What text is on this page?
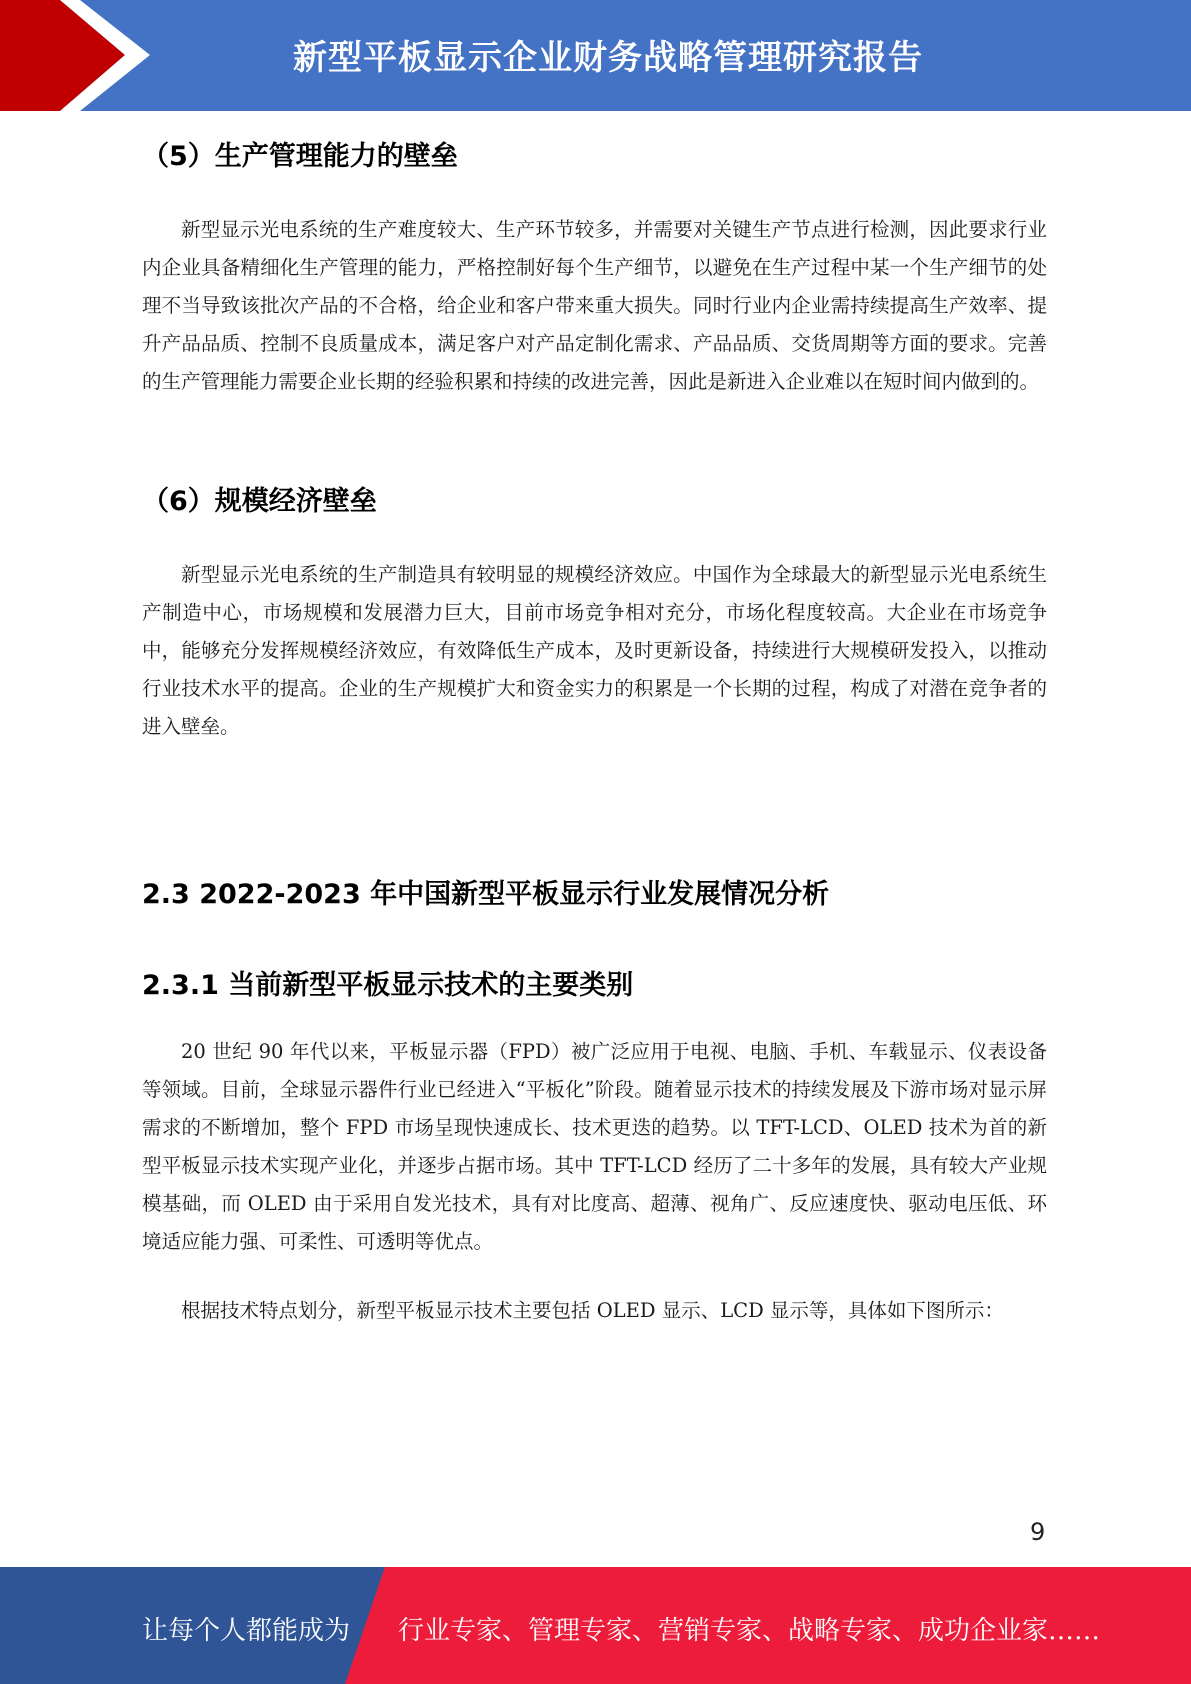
新型平板显示企业财务战略管理研究报告
（5）生产管理能力的壁垒

新型显示光电系统的生产难度较大、生产环节较多，并需要对关键生产节点进行检测，因此要求行业内企业具备精细化生产管理的能力，严格控制好每个生产细节，以避免在生产过程中某一个生产细节的处理不当导致该批次产品的不合格，给企业和客户带来重大损失。同时行业内企业需持续提高生产效率、提升产品品质、控制不良质量成本，满足客户对产品定制化需求、产品品质、交货周期等方面的要求。完善的生产管理能力需要企业长期的经验积累和持续的改进完善，因此是新进入企业难以在短时间内做到的。

（6）规模经济壁垒

新型显示光电系统的生产制造具有较明显的规模经济效应。中国作为全球最大的新型显示光电系统生产制造中心，市场规模和发展潜力巨大，目前市场竞争相对充分，市场化程度较高。大企业在市场竞争中，能够充分发挥规模经济效应，有效降低生产成本，及时更新设备，持续进行大规模研发投入，以推动行业技术水平的提高。企业的生产规模扩大和资金实力的积累是一个长期的过程，构成了对潜在竞争者的进入壁垒。

2.3 2022-2023 年中国新型平板显示行业发展情况分析
2.3.1 当前新型平板显示技术的主要类别

20 世纪 90 年代以来，平板显示器（FPD）被广泛应用于电视、电脑、手机、车载显示、仪表设备等领域。目前，全球显示器件行业已经进入“平板化”阶段。随着显示技术的持续发展及下游市场对显示屏需求的不断增加，整个 FPD 市场呈现快速成长、技术更迭的趋势。以 TFT-LCD、OLED 技术为首的新型平板显示技术实现产业化，并逐步占据市场。其中 TFT-LCD 经历了二十多年的发展，具有较大产业规模基础，而 OLED 由于采用自发光技术，具有对比度高、超薄、视角广、反应速度快、驱动电压低、环境适应能力强、可柔性、可透明等优点。

根据技术特点划分，新型平板显示技术主要包括 OLED 显示、LCD 显示等，具体如下图所示：

9
让每个人都能成为 行业专家、管理专家、营销专家、战略专家、成功企业家……
